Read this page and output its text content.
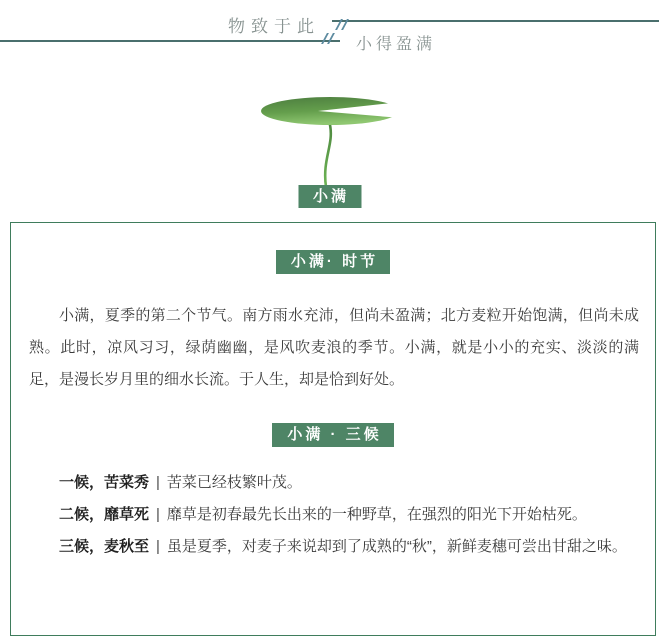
物致于此
小得盈满
小满
小满· 时节

小满，夏季的第二个节气。南方雨水充沛，但尚未盈满；北方麦粒开始饱满，但尚未成熟。此时，凉风习习，绿荫幽幽，是风吹麦浪的季节。小满，就是小小的充实、淡淡的满足，是漫长岁月里的细水长流。于人生，却是恰到好处。

小满 · 三候

一候，苦菜秀 | 苦菜已经枝繁叶茂。

二候，靡草死 | 靡草是初春最先长出来的一种野草，在强烈的阳光下开始枯死。

三候，麦秋至 | 虽是夏季，对麦子来说却到了成熟的“秋”，新鲜麦穗可尝出甘甜之味。
